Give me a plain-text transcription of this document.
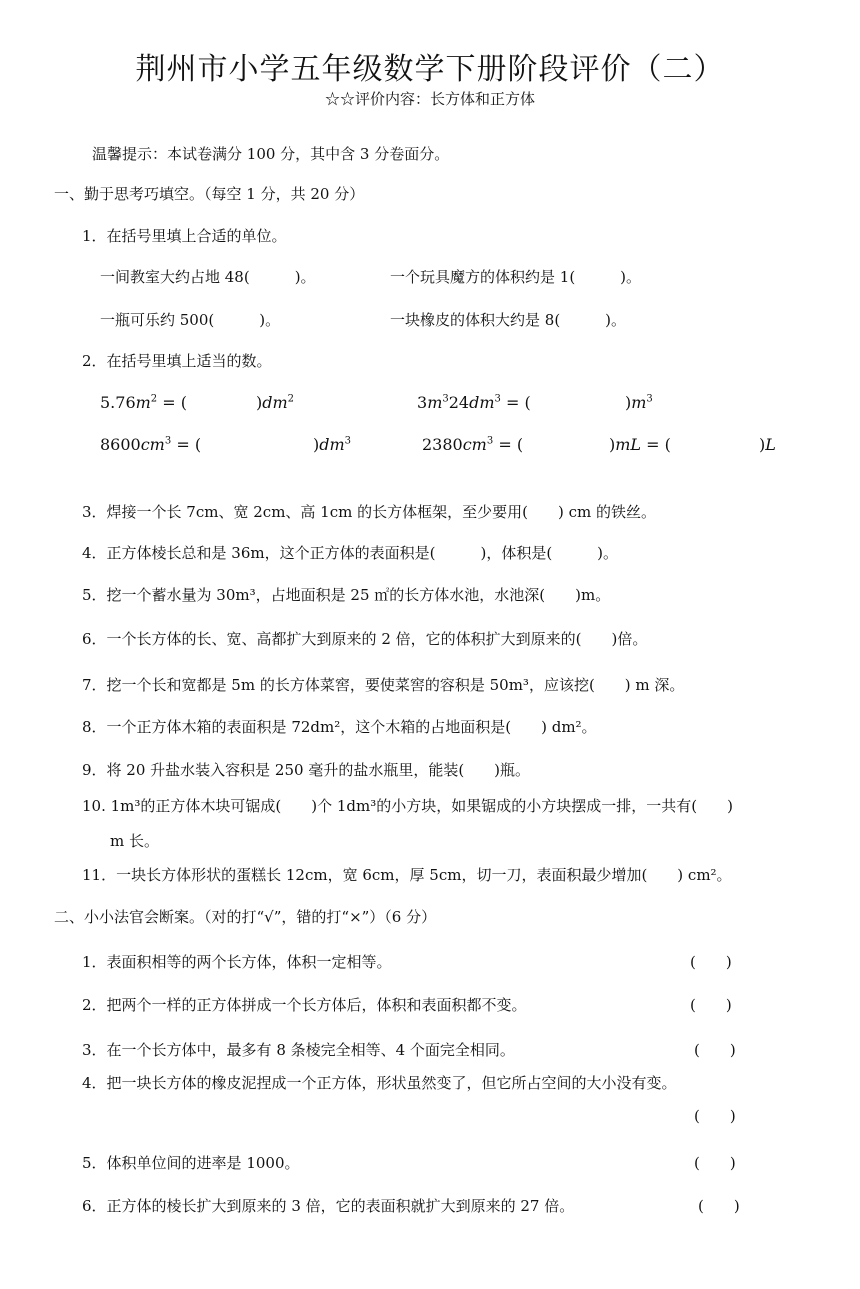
荆州市小学五年级数学下册阶段评价（二）
☆☆评价内容：长方体和正方体
温馨提示：本试卷满分 100 分，其中含 3 分卷面分。
一、勤于思考巧填空。（每空 1 分，共 20 分）
1．在括号里填上合适的单位。
一间教室大约占地 48(　　　)。	一个玩具魔方的体积约是 1(　　　)。
一瓶可乐约 500(　　　)。	一块橡皮的体积大约是 8(　　　)。
2．在括号里填上适当的数。
$5.76m^2$ = (	)$dm^2$	$3m^324dm^3$ = (	)$m^3$
$8600cm^3$ = (	)$dm^3$	$2380cm^3$ = (	)mL = (	)L
3．焊接一个长 7cm、宽 2cm、高 1cm 的长方体框架，至少要用(　　) cm 的铁丝。
4．正方体棱长总和是 36m，这个正方体的表面积是(　　　)，体积是(　　　)。
5．挖一个蓄水量为 30m³，占地面积是 25 ㎡的长方体水池，水池深(　　)m。
6．一个长方体的长、宽、高都扩大到原来的 2 倍，它的体积扩大到原来的(　　)倍。
7．挖一个长和宽都是 5m 的长方体菜窖，要使菜窖的容积是 50m³，应该挖(　　) m 深。
8．一个正方体木箱的表面积是 72dm²，这个木箱的占地面积是(　　) dm²。
9．将 20 升盐水装入容积是 250 毫升的盐水瓶里，能装(　　)瓶。
10. 1m³的正方体木块可锯成(　　)个 1dm³的小方块，如果锯成的小方块摆成一排，一共有(　　)
m 长。
11．一块长方体形状的蛋糕长 12cm，宽 6cm，厚 5cm，切一刀，表面积最少增加(　　) cm²。
二、小小法官会断案。（对的打“√”，错的打“×”）（6 分）
1．表面积相等的两个长方体，体积一定相等。	(　　)
2．把两个一样的正方体拼成一个长方体后，体积和表面积都不变。	(　　)
3．在一个长方体中，最多有 8 条棱完全相等、4 个面完全相同。	(　　)
4．把一块长方体的橡皮泥捏成一个正方体，形状虽然变了，但它所占空间的大小没有变。
(　　)
5．体积单位间的进率是 1000。	(　　)
6．正方体的棱长扩大到原来的 3 倍，它的表面积就扩大到原来的 27 倍。	(　　)
